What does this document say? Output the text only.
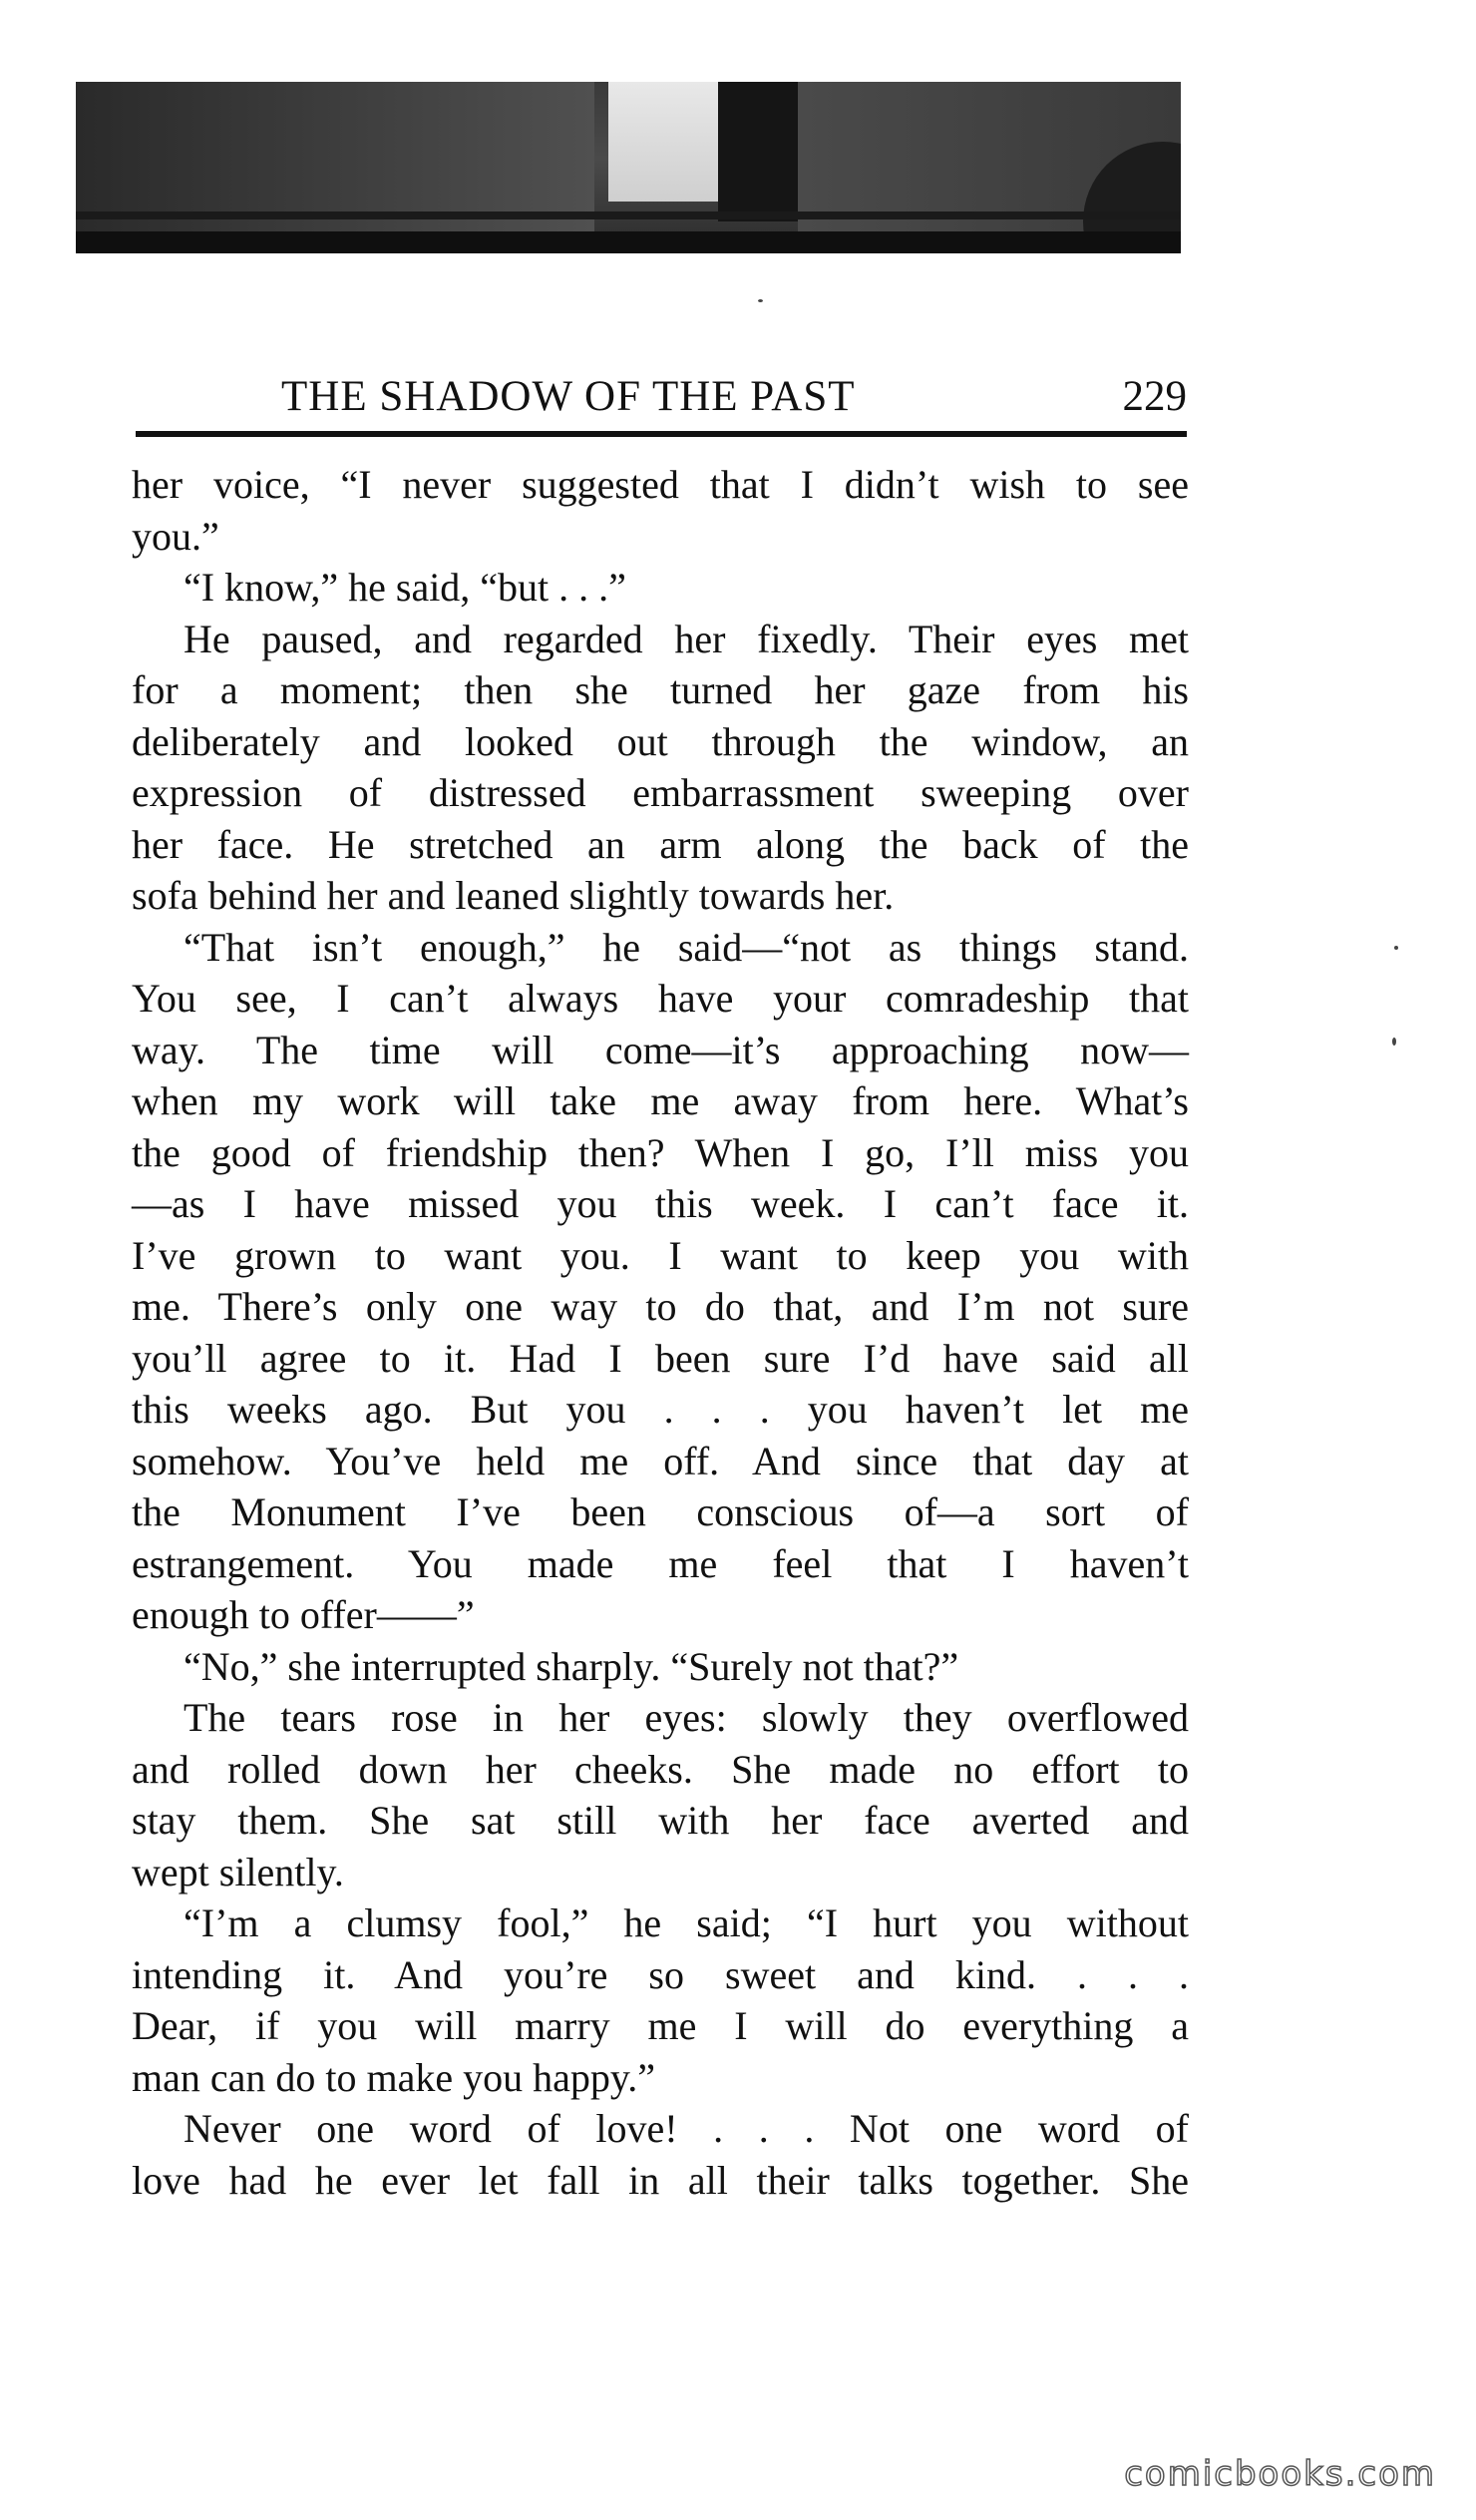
THE SHADOW OF THE PAST	229
her voice, “I never suggested that I didn’t wish to see
you.”
“I know,” he said, “but . . .”
He paused, and regarded her fixedly. Their eyes met
for a moment; then she turned her gaze from his
deliberately and looked out through the window, an
expression of distressed embarrassment sweeping over
her face. He stretched an arm along the back of the
sofa behind her and leaned slightly towards her.
“That isn’t enough,” he said—“not as things stand.
You see, I can’t always have your comradeship that
way. The time will come—it’s approaching now—
when my work will take me away from here. What’s
the good of friendship then? When I go, I’ll miss you
—as I have missed you this week. I can’t face it.
I’ve grown to want you. I want to keep you with
me. There’s only one way to do that, and I’m not sure
you’ll agree to it. Had I been sure I’d have said all
this weeks ago. But you . . . you haven’t let me
somehow. You’ve held me off. And since that day at
the Monument I’ve been conscious of—a sort of
estrangement. You made me feel that I haven’t
enough to offer——”
“No,” she interrupted sharply. “Surely not that?”
The tears rose in her eyes: slowly they overflowed
and rolled down her cheeks. She made no effort to
stay them. She sat still with her face averted and
wept silently.
“I’m a clumsy fool,” he said; “I hurt you without
intending it. And you’re so sweet and kind. . . .
Dear, if you will marry me I will do everything a
man can do to make you happy.”
Never one word of love! . . . Not one word of
love had he ever let fall in all their talks together. She
comicbooks.com
